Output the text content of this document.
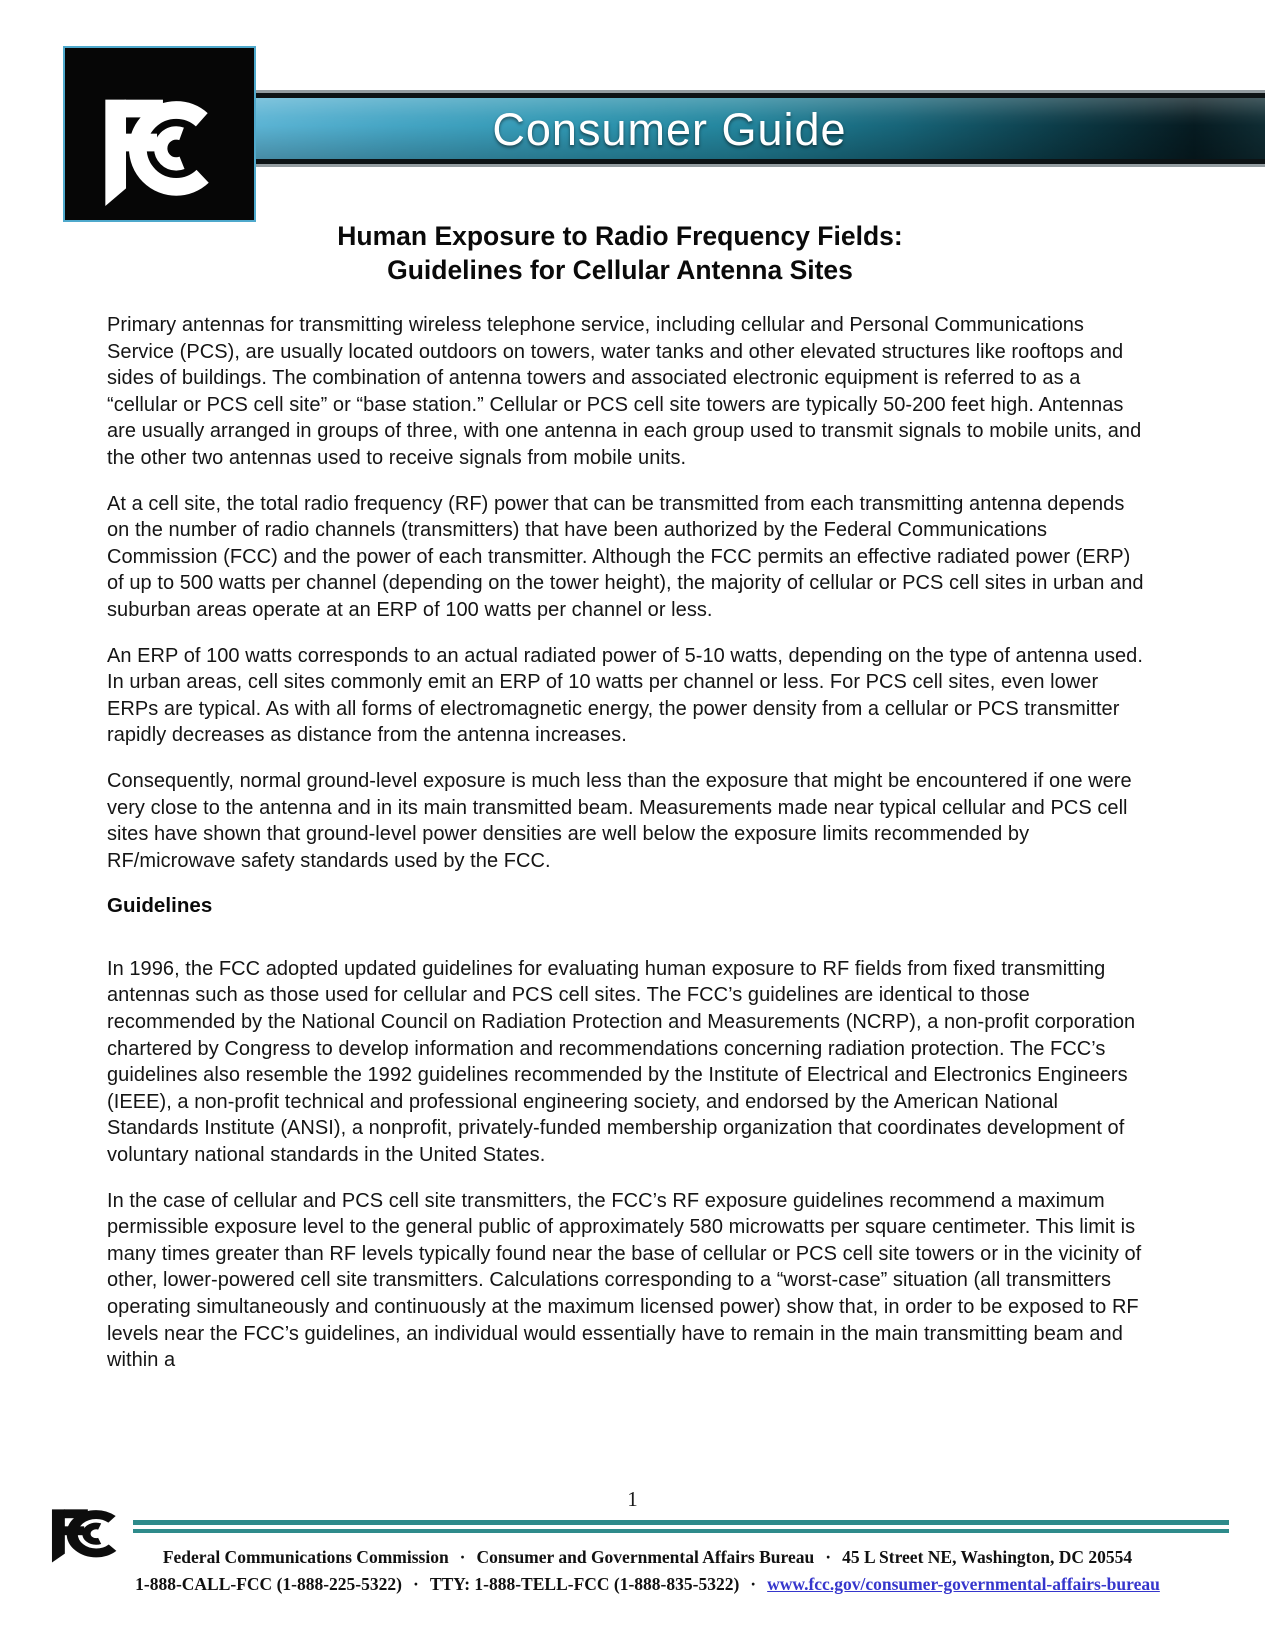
Consumer Guide
Human Exposure to Radio Frequency Fields:
Guidelines for Cellular Antenna Sites

Primary antennas for transmitting wireless telephone service, including cellular and Personal Communications Service (PCS), are usually located outdoors on towers, water tanks and other elevated structures like rooftops and sides of buildings. The combination of antenna towers and associated electronic equipment is referred to as a “cellular or PCS cell site” or “base station.” Cellular or PCS cell site towers are typically 50-200 feet high. Antennas are usually arranged in groups of three, with one antenna in each group used to transmit signals to mobile units, and the other two antennas used to receive signals from mobile units.

At a cell site, the total radio frequency (RF) power that can be transmitted from each transmitting antenna depends on the number of radio channels (transmitters) that have been authorized by the Federal Communications Commission (FCC) and the power of each transmitter. Although the FCC permits an effective radiated power (ERP) of up to 500 watts per channel (depending on the tower height), the majority of cellular or PCS cell sites in urban and suburban areas operate at an ERP of 100 watts per channel or less.

An ERP of 100 watts corresponds to an actual radiated power of 5-10 watts, depending on the type of antenna used. In urban areas, cell sites commonly emit an ERP of 10 watts per channel or less. For PCS cell sites, even lower ERPs are typical. As with all forms of electromagnetic energy, the power density from a cellular or PCS transmitter rapidly decreases as distance from the antenna increases.

Consequently, normal ground-level exposure is much less than the exposure that might be encountered if one were very close to the antenna and in its main transmitted beam. Measurements made near typical cellular and PCS cell sites have shown that ground-level power densities are well below the exposure limits recommended by RF/microwave safety standards used by the FCC.

Guidelines

In 1996, the FCC adopted updated guidelines for evaluating human exposure to RF fields from fixed transmitting antennas such as those used for cellular and PCS cell sites. The FCC’s guidelines are identical to those recommended by the National Council on Radiation Protection and Measurements (NCRP), a non-profit corporation chartered by Congress to develop information and recommendations concerning radiation protection. The FCC’s guidelines also resemble the 1992 guidelines recommended by the Institute of Electrical and Electronics Engineers (IEEE), a non-profit technical and professional engineering society, and endorsed by the American National Standards Institute (ANSI), a nonprofit, privately-funded membership organization that coordinates development of voluntary national standards in the United States.

In the case of cellular and PCS cell site transmitters, the FCC’s RF exposure guidelines recommend a maximum permissible exposure level to the general public of approximately 580 microwatts per square centimeter. This limit is many times greater than RF levels typically found near the base of cellular or PCS cell site towers or in the vicinity of other, lower-powered cell site transmitters. Calculations corresponding to a “worst-case” situation (all transmitters operating simultaneously and continuously at the maximum licensed power) show that, in order to be exposed to RF levels near the FCC’s guidelines, an individual would essentially have to remain in the main transmitting beam and within a

1
Federal Communications Commission · Consumer and Governmental Affairs Bureau · 45 L Street NE, Washington, DC 20554
1-888-CALL-FCC (1-888-225-5322) · TTY: 1-888-TELL-FCC (1-888-835-5322) · www.fcc.gov/consumer-governmental-affairs-bureau
